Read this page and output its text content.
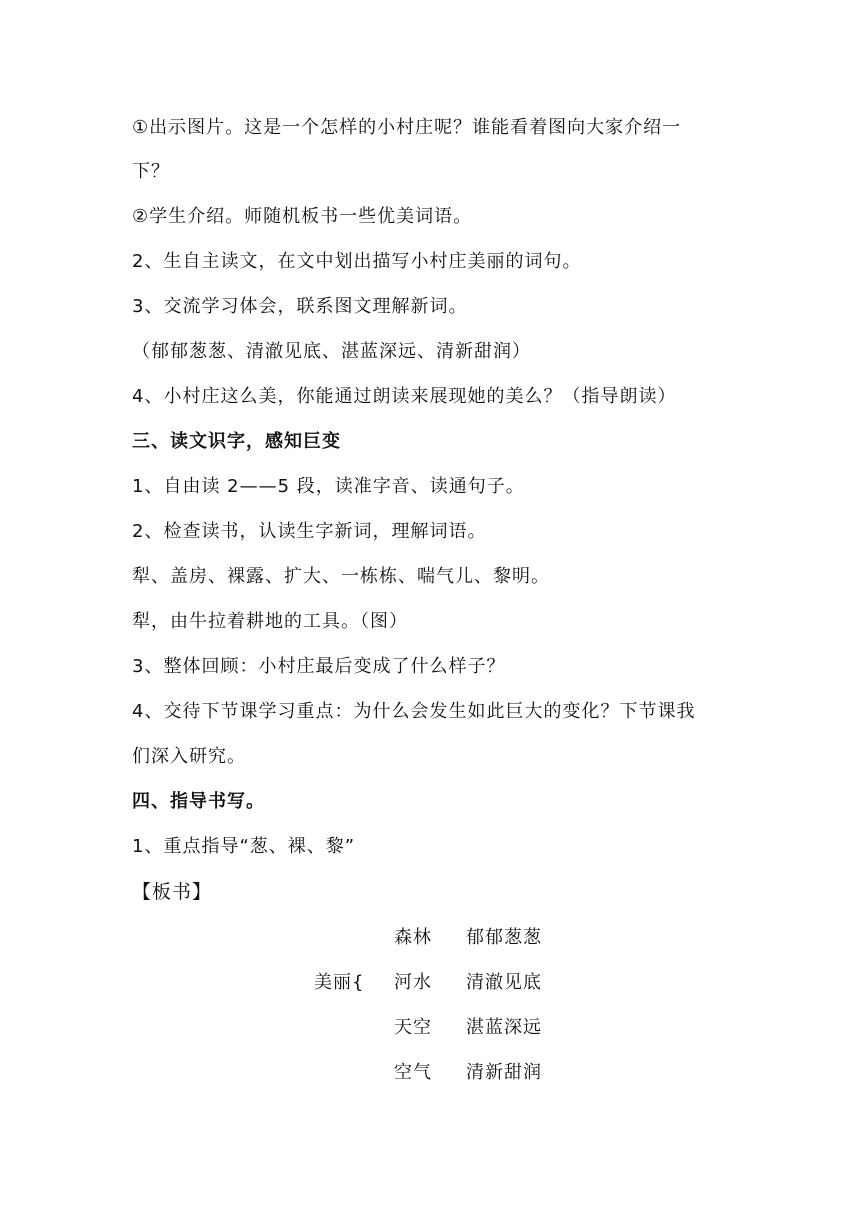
①出示图片。这是一个怎样的小村庄呢？谁能看着图向大家介绍一
下？
②学生介绍。师随机板书一些优美词语。
2、生自主读文，在文中划出描写小村庄美丽的词句。
3、交流学习体会，联系图文理解新词。
（郁郁葱葱、清澈见底、湛蓝深远、清新甜润）
4、小村庄这么美，你能通过朗读来展现她的美么？（指导朗读）
三、读文识字，感知巨变
1、自由读 2——5 段，读准字音、读通句子。
2、检查读书，认读生字新词，理解词语。
犁、盖房、裸露、扩大、一栋栋、喘气儿、黎明。
犁，由牛拉着耕地的工具。（图）
3、整体回顾：小村庄最后变成了什么样子？
4、交待下节课学习重点：为什么会发生如此巨大的变化？下节课我
们深入研究。
四、指导书写。
1、重点指导“葱、裸、黎”
【板书】
森林 郁郁葱葱
美丽{ 河水 清澈见底
天空 湛蓝深远
空气 清新甜润
